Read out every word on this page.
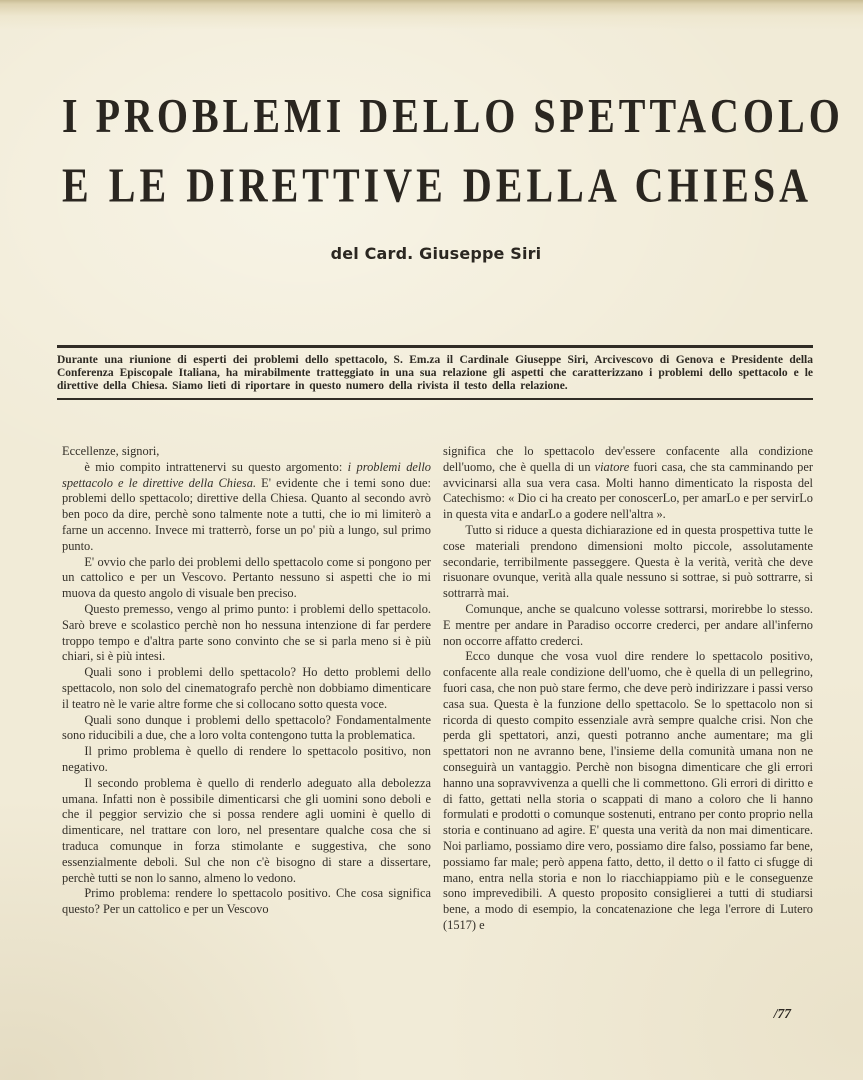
I PROBLEMI DELLO SPETTACOLO
E LE DIRETTIVE DELLA CHIESA
del Card. Giuseppe Siri
Durante una riunione di esperti dei problemi dello spettacolo, S. Em.za il Cardinale Giuseppe Siri, Arcivescovo di Genova e Presidente della Conferenza Episcopale Italiana, ha mirabilmente tratteggiato in una sua relazione gli aspetti che caratterizzano i problemi dello spettacolo e le direttive della Chiesa. Siamo lieti di riportare in questo numero della rivista il testo della relazione.

Eccellenze, signori,

è mio compito intrattenervi su questo argomento: i problemi dello spettacolo e le direttive della Chiesa. E' evidente che i temi sono due: problemi dello spettacolo; direttive della Chiesa. Quanto al secondo avrò ben poco da dire, perchè sono talmente note a tutti, che io mi limiterò a farne un accenno. Invece mi tratterrò, forse un po' più a lungo, sul primo punto.

E' ovvio che parlo dei problemi dello spettacolo come si pongono per un cattolico e per un Vescovo. Pertanto nessuno si aspetti che io mi muova da questo angolo di visuale ben preciso.

Questo premesso, vengo al primo punto: i problemi dello spettacolo. Sarò breve e scolastico perchè non ho nessuna intenzione di far perdere troppo tempo e d'altra parte sono convinto che se si parla meno si è più chiari, si è più intesi.

Quali sono i problemi dello spettacolo? Ho detto problemi dello spettacolo, non solo del cinematografo perchè non dobbiamo dimenticare il teatro nè le varie altre forme che si collocano sotto questa voce.

Quali sono dunque i problemi dello spettacolo? Fondamentalmente sono riducibili a due, che a loro volta contengono tutta la problematica.

Il primo problema è quello di rendere lo spettacolo positivo, non negativo.

Il secondo problema è quello di renderlo adeguato alla debolezza umana. Infatti non è possibile dimenticarsi che gli uomini sono deboli e che il peggior servizio che si possa rendere agli uomini è quello di dimenticare, nel trattare con loro, nel presentare qualche cosa che si traduca comunque in forza stimolante e suggestiva, che sono essenzialmente deboli. Sul che non c'è bisogno di stare a dissertare, perchè tutti se non lo sanno, almeno lo vedono.

Primo problema: rendere lo spettacolo positivo. Che cosa significa questo? Per un cattolico e per un Vescovo

significa che lo spettacolo dev'essere confacente alla condizione dell'uomo, che è quella di un viatore fuori casa, che sta camminando per avvicinarsi alla sua vera casa. Molti hanno dimenticato la risposta del Catechismo: « Dio ci ha creato per conoscerLo, per amarLo e per servirLo in questa vita e andarLo a godere nell'altra ».

Tutto si riduce a questa dichiarazione ed in questa prospettiva tutte le cose materiali prendono dimensioni molto piccole, assolutamente secondarie, terribilmente passeggere. Questa è la verità, verità che deve risuonare ovunque, verità alla quale nessuno si sottrae, si può sottrarre, si sottrarrà mai.

Comunque, anche se qualcuno volesse sottrarsi, morirebbe lo stesso. E mentre per andare in Paradiso occorre crederci, per andare all'inferno non occorre affatto crederci.

Ecco dunque che vosa vuol dire rendere lo spettacolo positivo, confacente alla reale condizione dell'uomo, che è quella di un pellegrino, fuori casa, che non può stare fermo, che deve però indirizzare i passi verso casa sua. Questa è la funzione dello spettacolo. Se lo spettacolo non si ricorda di questo compito essenziale avrà sempre qualche crisi. Non che perda gli spettatori, anzi, questi potranno anche aumentare; ma gli spettatori non ne avranno bene, l'insieme della comunità umana non ne conseguirà un vantaggio. Perchè non bisogna dimenticare che gli errori hanno una sopravvivenza a quelli che li commettono. Gli errori di diritto e di fatto, gettati nella storia o scappati di mano a coloro che li hanno formulati e prodotti o comunque sostenuti, entrano per conto proprio nella storia e continuano ad agire. E' questa una verità da non mai dimenticare. Noi parliamo, possiamo dire vero, possiamo dire falso, possiamo far bene, possiamo far male; però appena fatto, detto, il detto o il fatto ci sfugge di mano, entra nella storia e non lo riacchiappiamo più e le conseguenze sono imprevedibili. A questo proposito consiglierei a tutti di studiarsi bene, a modo di esempio, la concatenazione che lega l'errore di Lutero (1517) e

/77
